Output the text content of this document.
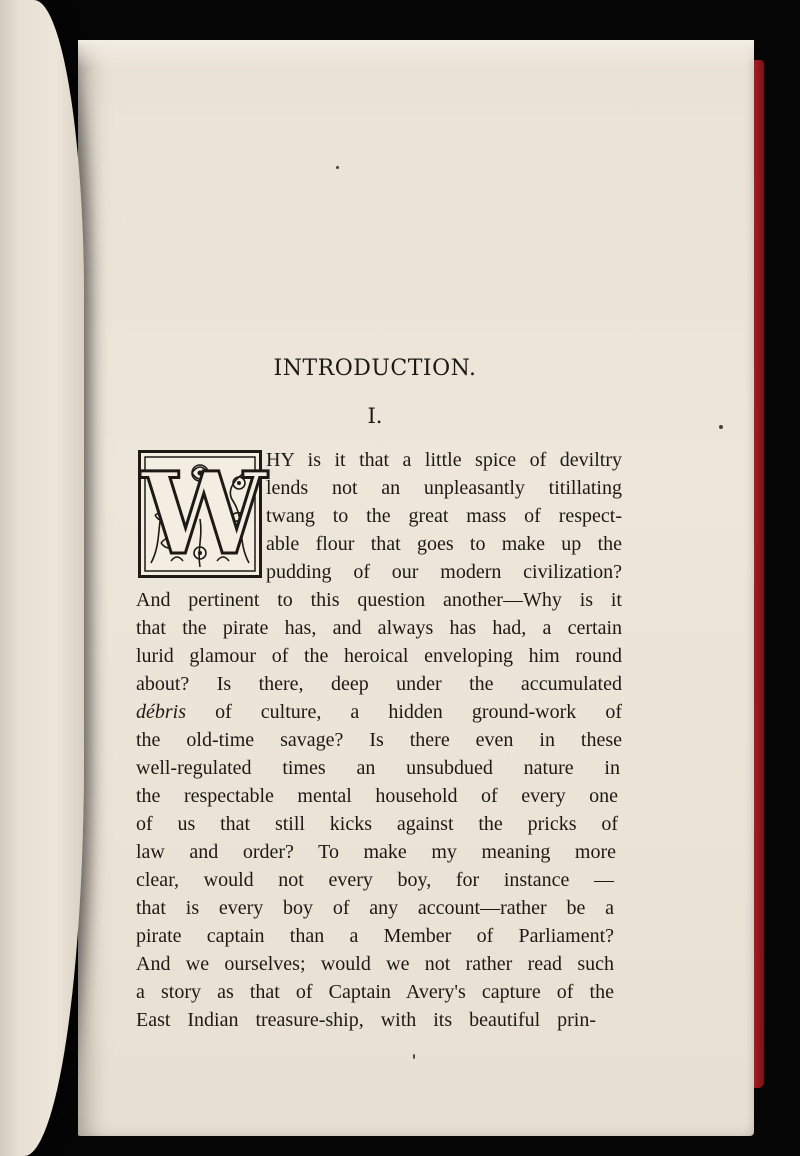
INTRODUCTION.
I.
W HY is it that a little spice of deviltry
lends not an unpleasantly titillating
twang to the great mass of respect-
able flour that goes to make up the
pudding of our modern civilization?
And pertinent to this question another—Why is it
that the pirate has, and always has had, a certain
lurid glamour of the heroical enveloping him round
about? Is there, deep under the accumulated
débris of culture, a hidden ground-work of
the old-time savage? Is there even in these
well-regulated times an unsubdued nature in
the respectable mental household of every one
of us that still kicks against the pricks of
law and order? To make my meaning more
clear, would not every boy, for instance —
that is every boy of any account—rather be a
pirate captain than a Member of Parliament?
And we ourselves; would we not rather read such
a story as that of Captain Avery's capture of the
East Indian treasure-ship, with its beautiful prin-
